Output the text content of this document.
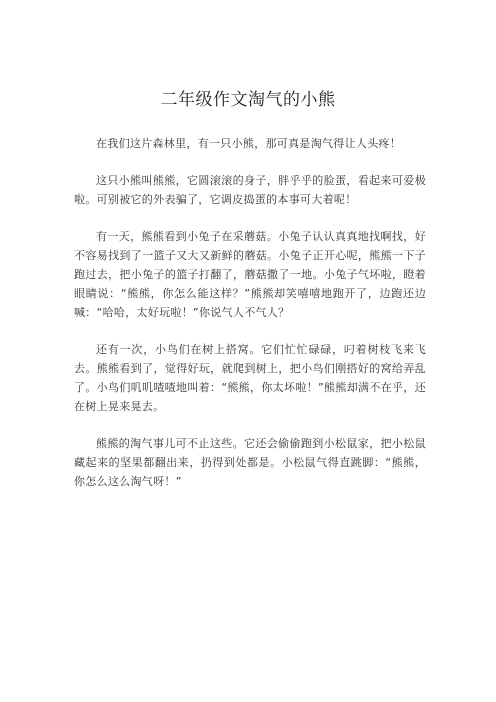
二年级作文淘气的小熊

在我们这片森林里，有一只小熊，那可真是淘气得让人头疼！

这只小熊叫熊熊，它圆滚滚的身子，胖乎乎的脸蛋，看起来可爱极啦。可别被它的外表骗了，它调皮捣蛋的本事可大着呢！

有一天，熊熊看到小兔子在采蘑菇。小兔子认认真真地找啊找，好不容易找到了一篮子又大又新鲜的蘑菇。小兔子正开心呢，熊熊一下子跑过去，把小兔子的篮子打翻了，蘑菇撒了一地。小兔子气坏啦，瞪着眼睛说：“熊熊，你怎么能这样？”熊熊却笑嘻嘻地跑开了，边跑还边喊：“哈哈，太好玩啦！”你说气人不气人？

还有一次，小鸟们在树上搭窝。它们忙忙碌碌，叼着树枝飞来飞去。熊熊看到了，觉得好玩，就爬到树上，把小鸟们刚搭好的窝给弄乱了。小鸟们叽叽喳喳地叫着：“熊熊，你太坏啦！”熊熊却满不在乎，还在树上晃来晃去。

熊熊的淘气事儿可不止这些。它还会偷偷跑到小松鼠家，把小松鼠藏起来的坚果都翻出来，扔得到处都是。小松鼠气得直跳脚：“熊熊，你怎么这么淘气呀！”
